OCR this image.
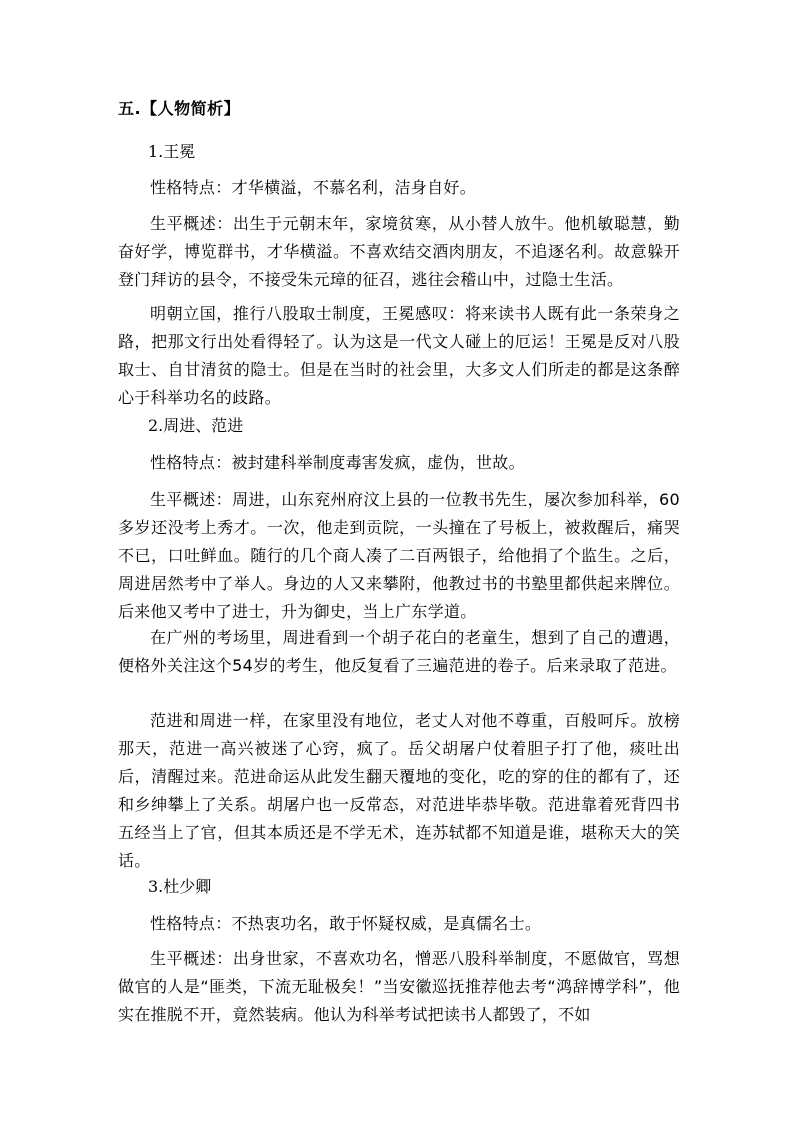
五.【人物简析】
1.王冕

性格特点：才华横溢，不慕名利，洁身自好。

生平概述：出生于元朝末年，家境贫寒，从小替人放牛。他机敏聪慧，勤奋好学，博览群书，才华横溢。不喜欢结交酒肉朋友，不追逐名利。故意躲开登门拜访的县令，不接受朱元璋的征召，逃往会稽山中，过隐士生活。

明朝立国，推行八股取士制度，王冕感叹：将来读书人既有此一条荣身之路，把那文行出处看得轻了。认为这是一代文人碰上的厄运！王冕是反对八股取士、自甘清贫的隐士。但是在当时的社会里，大多文人们所走的都是这条醉心于科举功名的歧路。

2.周进、范进

性格特点：被封建科举制度毒害发疯，虚伪，世故。

生平概述：周进，山东兖州府汶上县的一位教书先生，屡次参加科举，60多岁还没考上秀才。一次，他走到贡院，一头撞在了号板上，被救醒后，痛哭不已，口吐鲜血。随行的几个商人凑了二百两银子，给他捐了个监生。之后，周进居然考中了举人。身边的人又来攀附，他教过书的书塾里都供起来牌位。后来他又考中了进士，升为御史，当上广东学道。

在广州的考场里，周进看到一个胡子花白的老童生，想到了自己的遭遇，便格外关注这个54岁的考生，他反复看了三遍范进的卷子。后来录取了范进。

范进和周进一样，在家里没有地位，老丈人对他不尊重，百般呵斥。放榜那天，范进一高兴被迷了心窍，疯了。岳父胡屠户仗着胆子打了他，痰吐出后，清醒过来。范进命运从此发生翻天覆地的变化，吃的穿的住的都有了，还和乡绅攀上了关系。胡屠户也一反常态，对范进毕恭毕敬。范进靠着死背四书五经当上了官，但其本质还是不学无术，连苏轼都不知道是谁，堪称天大的笑话。

3.杜少卿

性格特点：不热衷功名，敢于怀疑权威，是真儒名士。

生平概述：出身世家，不喜欢功名，憎恶八股科举制度，不愿做官，骂想做官的人是“匪类，下流无耻极矣！”当安徽巡抚推荐他去考“鸿辞博学科”，他实在推脱不开，竟然装病。他认为科举考试把读书人都毁了，不如
